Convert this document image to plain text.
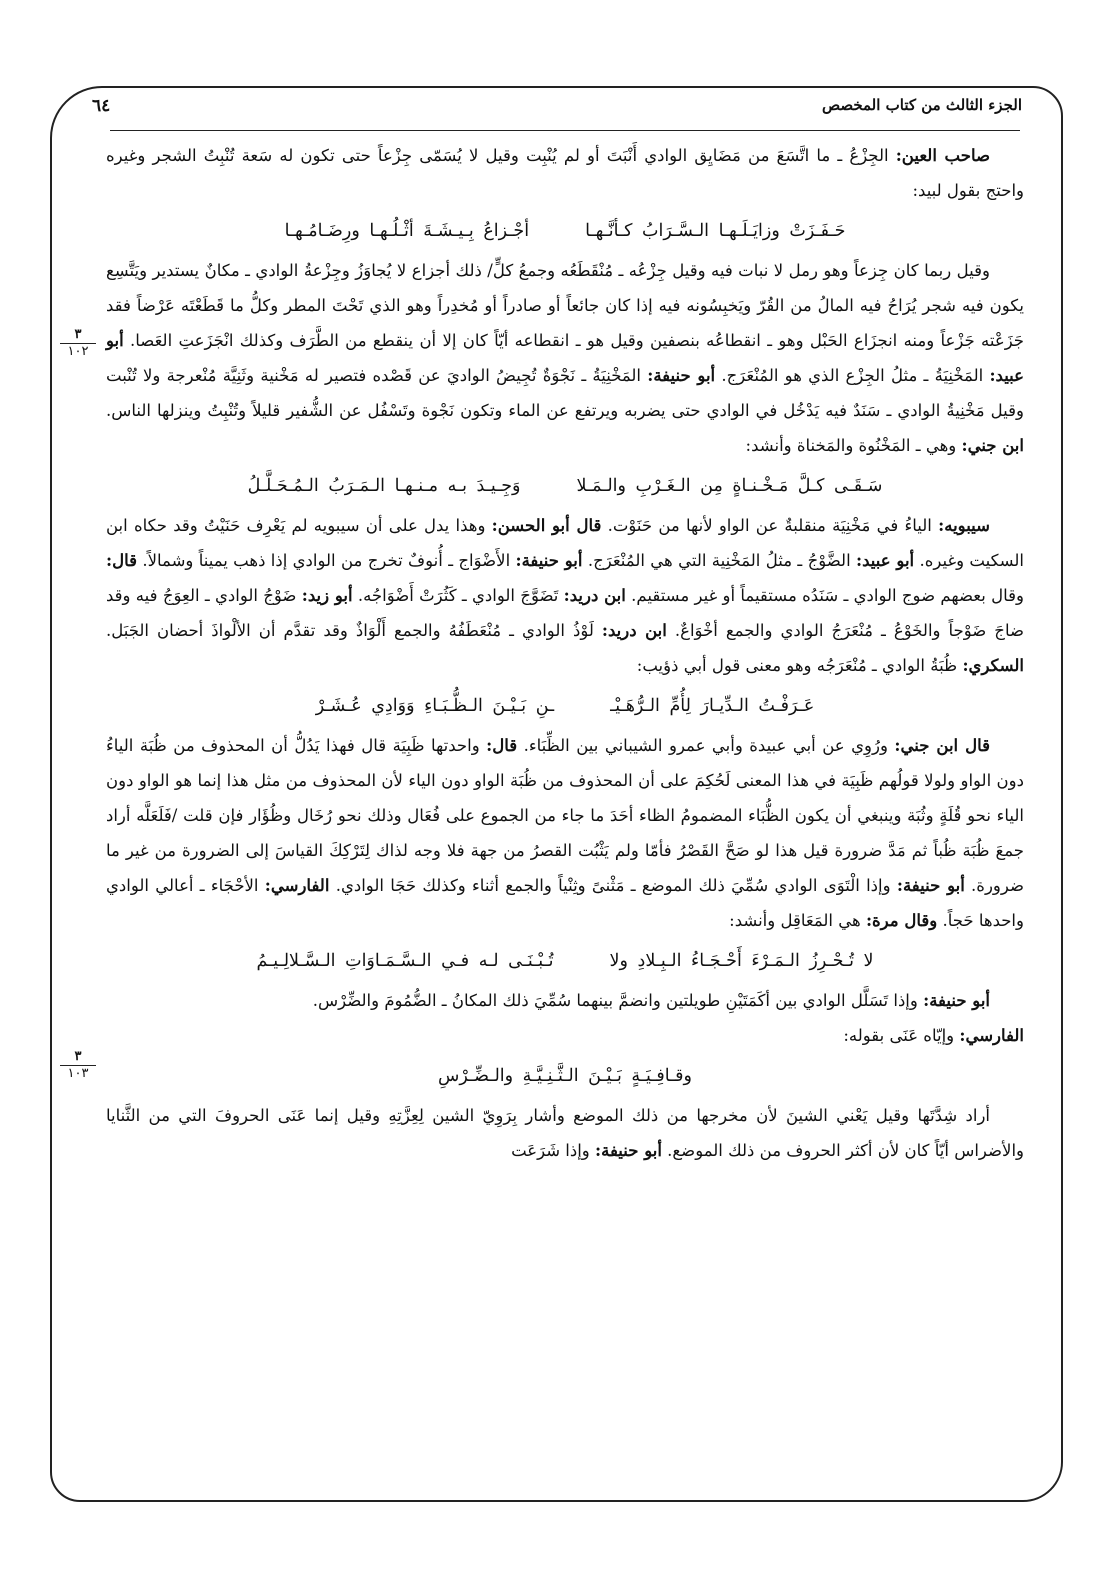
الجزء الثالث من كتاب المخصص
٦٤
٣
١٠٢
٣
١٠٣

صاحب العين: الجِزْعُ ـ ما اتَّسَعَ من مَضَايِق الوادي أَنْبَتَ أو لم يُنْبِت وقيل لا يُسَمّى جِزْعاً حتى تكون له سَعة تُنْبِتُ الشجر وغيره واحتج بقول لبيد:

حَـفَـزَتْ وزايَـلَـهـا الـسَّـرَابُ كـأنَّـهـا
أجْـزاعُ بِـيـشَـةَ أثْـلُـهـا ورِضَـامُـهـا

وقيل ربما كان جِزعاً وهو رمل لا نبات فيه وقيل جِزْعُه ـ مُنْقَطَعُه وجمعُ كلٍّ/ ذلك أجزاع لا يُجاوَزُ وجِزْعةُ الوادي ـ مكانٌ يستدير ويَتَّسِع يكون فيه شجر يُرَاحُ فيه المالُ من القُرّ ويَخبِسُونه فيه إذا كان جائعاً أو صادراً أو مُخدِراً وهو الذي تَحْتَ المطر وكلُّ ما قَطَعْتَه عَرْضاً فقد جَزَعْته جَزْعاً ومنه انجزَاع الحَبْل وهو ـ انقطاعُه بنصفين وقيل هو ـ انقطاعه أيّاً كان إلا أن ينقطع من الطَّرَف وكذلك انْجَزَعتِ العَصا. أبو عبيد: المَخْنِيَةُ ـ مثلُ الجِزْع الذي هو المُنْعَرَج. أبو حنيفة: المَخْنِيَةُ ـ نَجْوَةٌ تُجِيضُ الواديَ عن قَصْده فتصير له مَخْنية وثَنِيَّة مُنْعرجة ولا تُنْبت وقيل مَخْنِيةُ الوادي ـ سَنَدٌ فيه يَدْخُل في الوادي حتى يضربه ويرتفع عن الماء وتكون نَجْوة وتَسْفُل عن الشُّفير قليلاً وتُنْبِتُ وينزلها الناس. ابن جني: وهي ـ المَخْنُوة والمَخناة وأنشد:

سَـقَـى كـلَّ مَـخْـنـاةٍ مِن الـغَـرْبِ والـمَـلا
وَجِـيـدَ بـه مـنـهـا الـمَـرَبُ الـمُـحَـلَّـلُ

سيبويه: الياءُ في مَخْنِيَة منقلبةٌ عن الواو لأنها من حَنَوْت. قال أبو الحسن: وهذا يدل على أن سيبويه لم يَعْرِف حَنَيْتُ وقد حكاه ابن السكيت وغيره. أبو عبيد: الضَّوْجُ ـ مثلُ المَخْنِية التي هي المُنْعَرَج. أبو حنيفة: الأَضْوَاج ـ أُنوفٌ تخرج من الوادي إذا ذهب يميناً وشمالاً. قال: وقال بعضهم ضوج الوادي ـ سَنَدُه مستقيماً أو غير مستقيم. ابن دريد: تَضَوَّجَ الوادي ـ كَثُرَتْ أَضْوَاجُه. أبو زيد: ضَوْجُ الوادي ـ العِوَجُ فيه وقد ضاجَ ضَوْجاً والخَوْعُ ـ مُنْعَرَجُ الوادي والجمع أخْوَاعٌ. ابن دريد: لَوْذُ الوادي ـ مُنْعَطَفُهُ والجمع أَلْوَاذٌ وقد تقدَّم أن الألْواذَ أحضان الجَبَل. السكري: ظُبَةُ الوادي ـ مُنْعَرَجُه وهو معنى قول أبي ذؤيب:

عَـرَفْـتُ الـدِّيـارَ لِأُمِّ الـرُّهَـيْـ
ـنِ بَـيْـنَ الـظُّـبَـاءِ وَوَادِي عُـشَـرْ

قال ابن جني: ورُوِي عن أبي عبيدة وأبي عمرو الشيباني بين الظِّبَاء. قال: واحدتها ظَبِيَة قال فهذا يَدُلُّ أن المحذوف من ظُبَة الياءُ دون الواو ولولا قولُهم ظَبِيَة في هذا المعنى لَحُكِمَ على أن المحذوف من ظُبَة الواو دون الياء لأن المحذوف من مثل هذا إنما هو الواو دون الياء نحو قُلَةٍ وثُبَة وينبغي أن يكون الظُّبَاء المضمومُ الظاء أحَدَ ما جاء من الجموع على فُعَال وذلك نحو رُخَال وظُؤَار فإن قلت /فَلَعَلَّه أراد جمعَ ظُبَة ظُباً ثم مَدَّ ضرورة قيل هذا لو صَحَّ القَصْرُ فأمّا ولم يَثْبُت القصرُ من جهة فلا وجه لذاك لِتَرْكِكَ القياسَ إلى الضرورة من غير ما ضرورة. أبو حنيفة: وإذا الْتَوَى الوادي سُمِّيَ ذلك الموضع ـ مَثْنىً وثِنْياً والجمع أثناء وكذلك حَجَا الوادي. الفارسي: الأحْجَاء ـ أعالي الوادي واحدها حَجاً. وقال مرة: هي المَعَاقِل وأنشد:

لا تُـحْـرِزُ الـمَـرْءَ أَحْـجَـاءُ الـبِـلادِ ولا
تُـبْـنَـى لـه فـي الـسَّـمَـاوَاتِ الـسَّـلالِـيـمُ

أبو حنيفة: وإذا تَسَلَّل الوادي بين أكَمَتَيْنِ طويلتين وانضمَّ بينهما سُمِّيَ ذلك المكانُ ـ الضُّمُومَ والضِّرْس.
الفارسي: وإيّاه عَنَى بقوله:

وقـافِـيَـةٍ بَـيْـنَ الـثَّـنِـيَّـةِ والـضِّـرْسِ

أراد شِدَّتَها وقيل يَعْني الشينَ لأن مخرجها من ذلك الموضع وأشار بِرَوِيّ الشين لِعِزَّتِهِ وقيل إنما عَنَى الحروفَ التي من الثَّنايا والأضراس أيّاً كان لأن أكثر الحروف من ذلك الموضع. أبو حنيفة: وإذا شَرَعَت
